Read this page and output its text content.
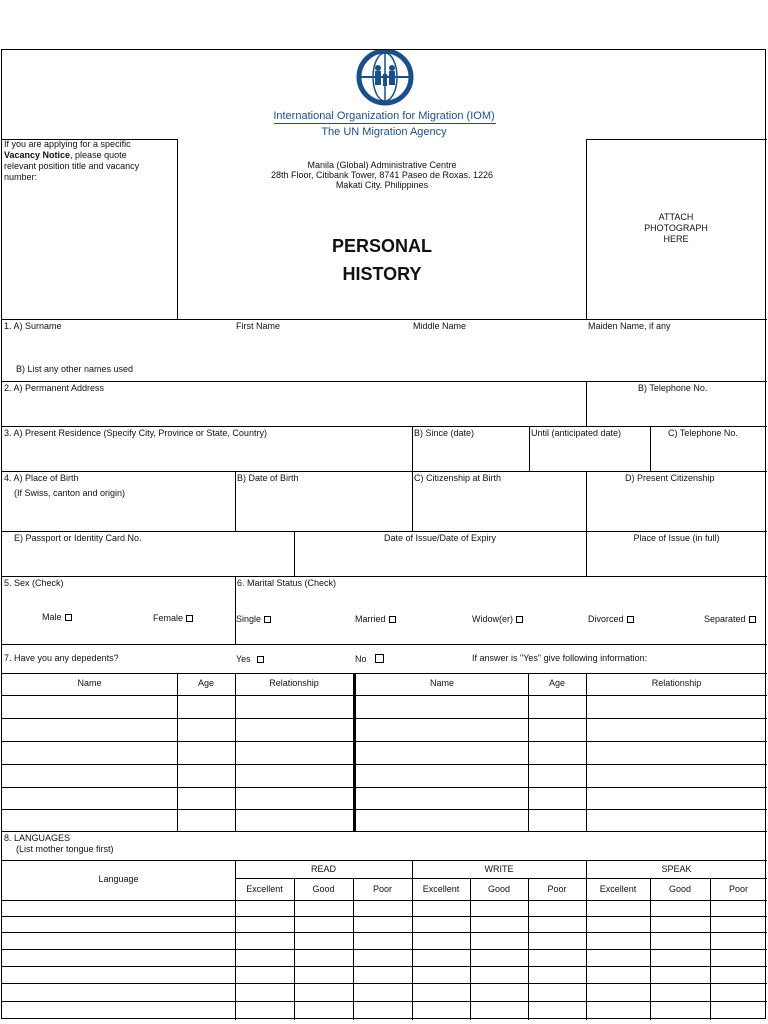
International Organization for Migration (IOM)
The UN Migration Agency
If you are applying for a specific
Vacancy Notice, please quote
relevant position title and vacancy
number:
Manila (Global) Administrative Centre
28th Floor, Citibank Tower, 8741 Paseo de Roxas. 1226
Makati City. Philippines
PERSONAL
HISTORY
ATTACH
PHOTOGRAPH
HERE
1. A) Surname	First Name	Middle Name	Maiden Name, if any
B) List any other names used
2. A) Permanent Address	B) Telephone No.
3. A) Present Residence (Specify City, Province or State, Country)	B) Since (date)	Until (anticipated date)	C) Telephone No.
4. A) Place of Birth
(If Swiss, canton and origin)
B) Date of Birth	C) Citizenship at Birth	D) Present Citizenship
E) Passport or Identity Card No.	Date of Issue/Date of Expiry	Place of Issue (in full)
5. Sex (Check)	6. Marital Status (Check)
Male	Female	Single	Married	Widow(er)	Divorced	Separated
7. Have you any depedents?	Yes	No	If answer is "Yes" give following information:
Name	Age	Relationship	Name	Age	Relationship
8. LANGUAGES
(List mother tongue first)
Language
READ	WRITE	SPEAK
Excellent	Good	Poor	Excellent	Good	Poor	Excellent	Good	Poor
